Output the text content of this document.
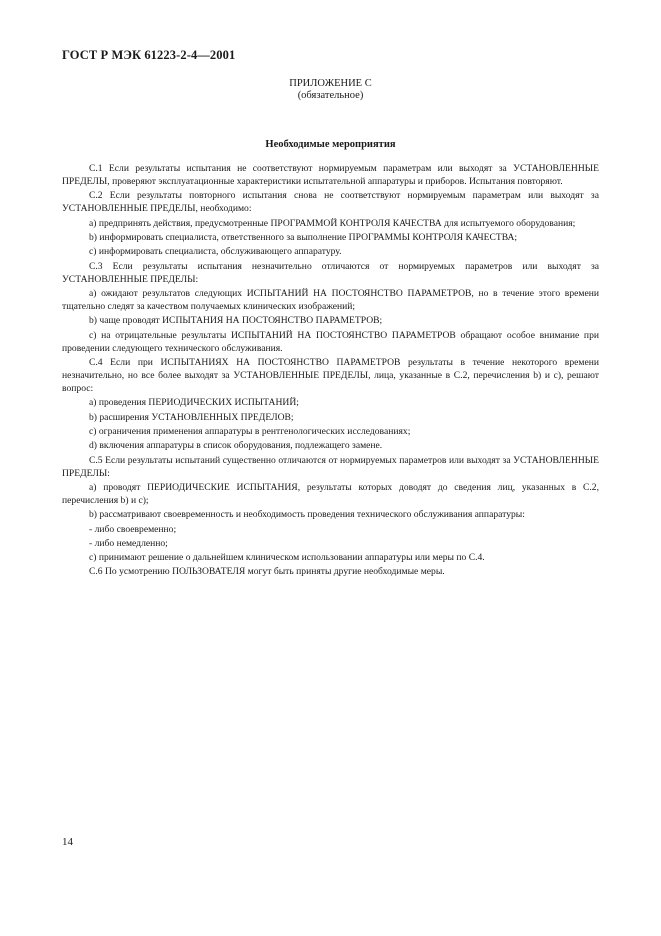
ГОСТ Р МЭК 61223-2-4—2001
ПРИЛОЖЕНИЕ С
(обязательное)
Необходимые мероприятия

С.1 Если результаты испытания не соответствуют нормируемым параметрам или выходят за УСТАНОВЛЕННЫЕ ПРЕДЕЛЫ, проверяют эксплуатационные характеристики испытательной аппаратуры и приборов. Испытания повторяют.

С.2 Если результаты повторного испытания снова не соответствуют нормируемым параметрам или выходят за УСТАНОВЛЕННЫЕ ПРЕДЕЛЫ, необходимо:

а) предпринять действия, предусмотренные ПРОГРАММОЙ КОНТРОЛЯ КАЧЕСТВА для испытуемого оборудования;

b) информировать специалиста, ответственного за выполнение ПРОГРАММЫ КОНТРОЛЯ КАЧЕСТВА;

с) информировать специалиста, обслуживающего аппаратуру.

С.3 Если результаты испытания незначительно отличаются от нормируемых параметров или выходят за УСТАНОВЛЕННЫЕ ПРЕДЕЛЫ:

а) ожидают результатов следующих ИСПЫТАНИЙ НА ПОСТОЯНСТВО ПАРАМЕТРОВ, но в течение этого времени тщательно следят за качеством получаемых клинических изображений;

b) чаще проводят ИСПЫТАНИЯ НА ПОСТОЯНСТВО ПАРАМЕТРОВ;

с) на отрицательные результаты ИСПЫТАНИЙ НА ПОСТОЯНСТВО ПАРАМЕТРОВ обращают особое внимание при проведении следующего технического обслуживания.

С.4 Если при ИСПЫТАНИЯХ НА ПОСТОЯНСТВО ПАРАМЕТРОВ результаты в течение некоторого времени незначительно, но все более выходят за УСТАНОВЛЕННЫЕ ПРЕДЕЛЫ, лица, указанные в С.2, перечисления b) и с), решают вопрос:

а) проведения ПЕРИОДИЧЕСКИХ ИСПЫТАНИЙ;

b) расширения УСТАНОВЛЕННЫХ ПРЕДЕЛОВ;

с) ограничения применения аппаратуры в рентгенологических исследованиях;

d) включения аппаратуры в список оборудования, подлежащего замене.

С.5 Если результаты испытаний существенно отличаются от нормируемых параметров или выходят за УСТАНОВЛЕННЫЕ ПРЕДЕЛЫ:

а) проводят ПЕРИОДИЧЕСКИЕ ИСПЫТАНИЯ, результаты которых доводят до сведения лиц, указанных в С.2, перечисления b) и с);

b) рассматривают своевременность и необходимость проведения технического обслуживания аппаратуры:

- либо своевременно;

- либо немедленно;

с) принимают решение о дальнейшем клиническом использовании аппаратуры или меры по С.4.

С.6 По усмотрению ПОЛЬЗОВАТЕЛЯ могут быть приняты другие необходимые меры.

14
